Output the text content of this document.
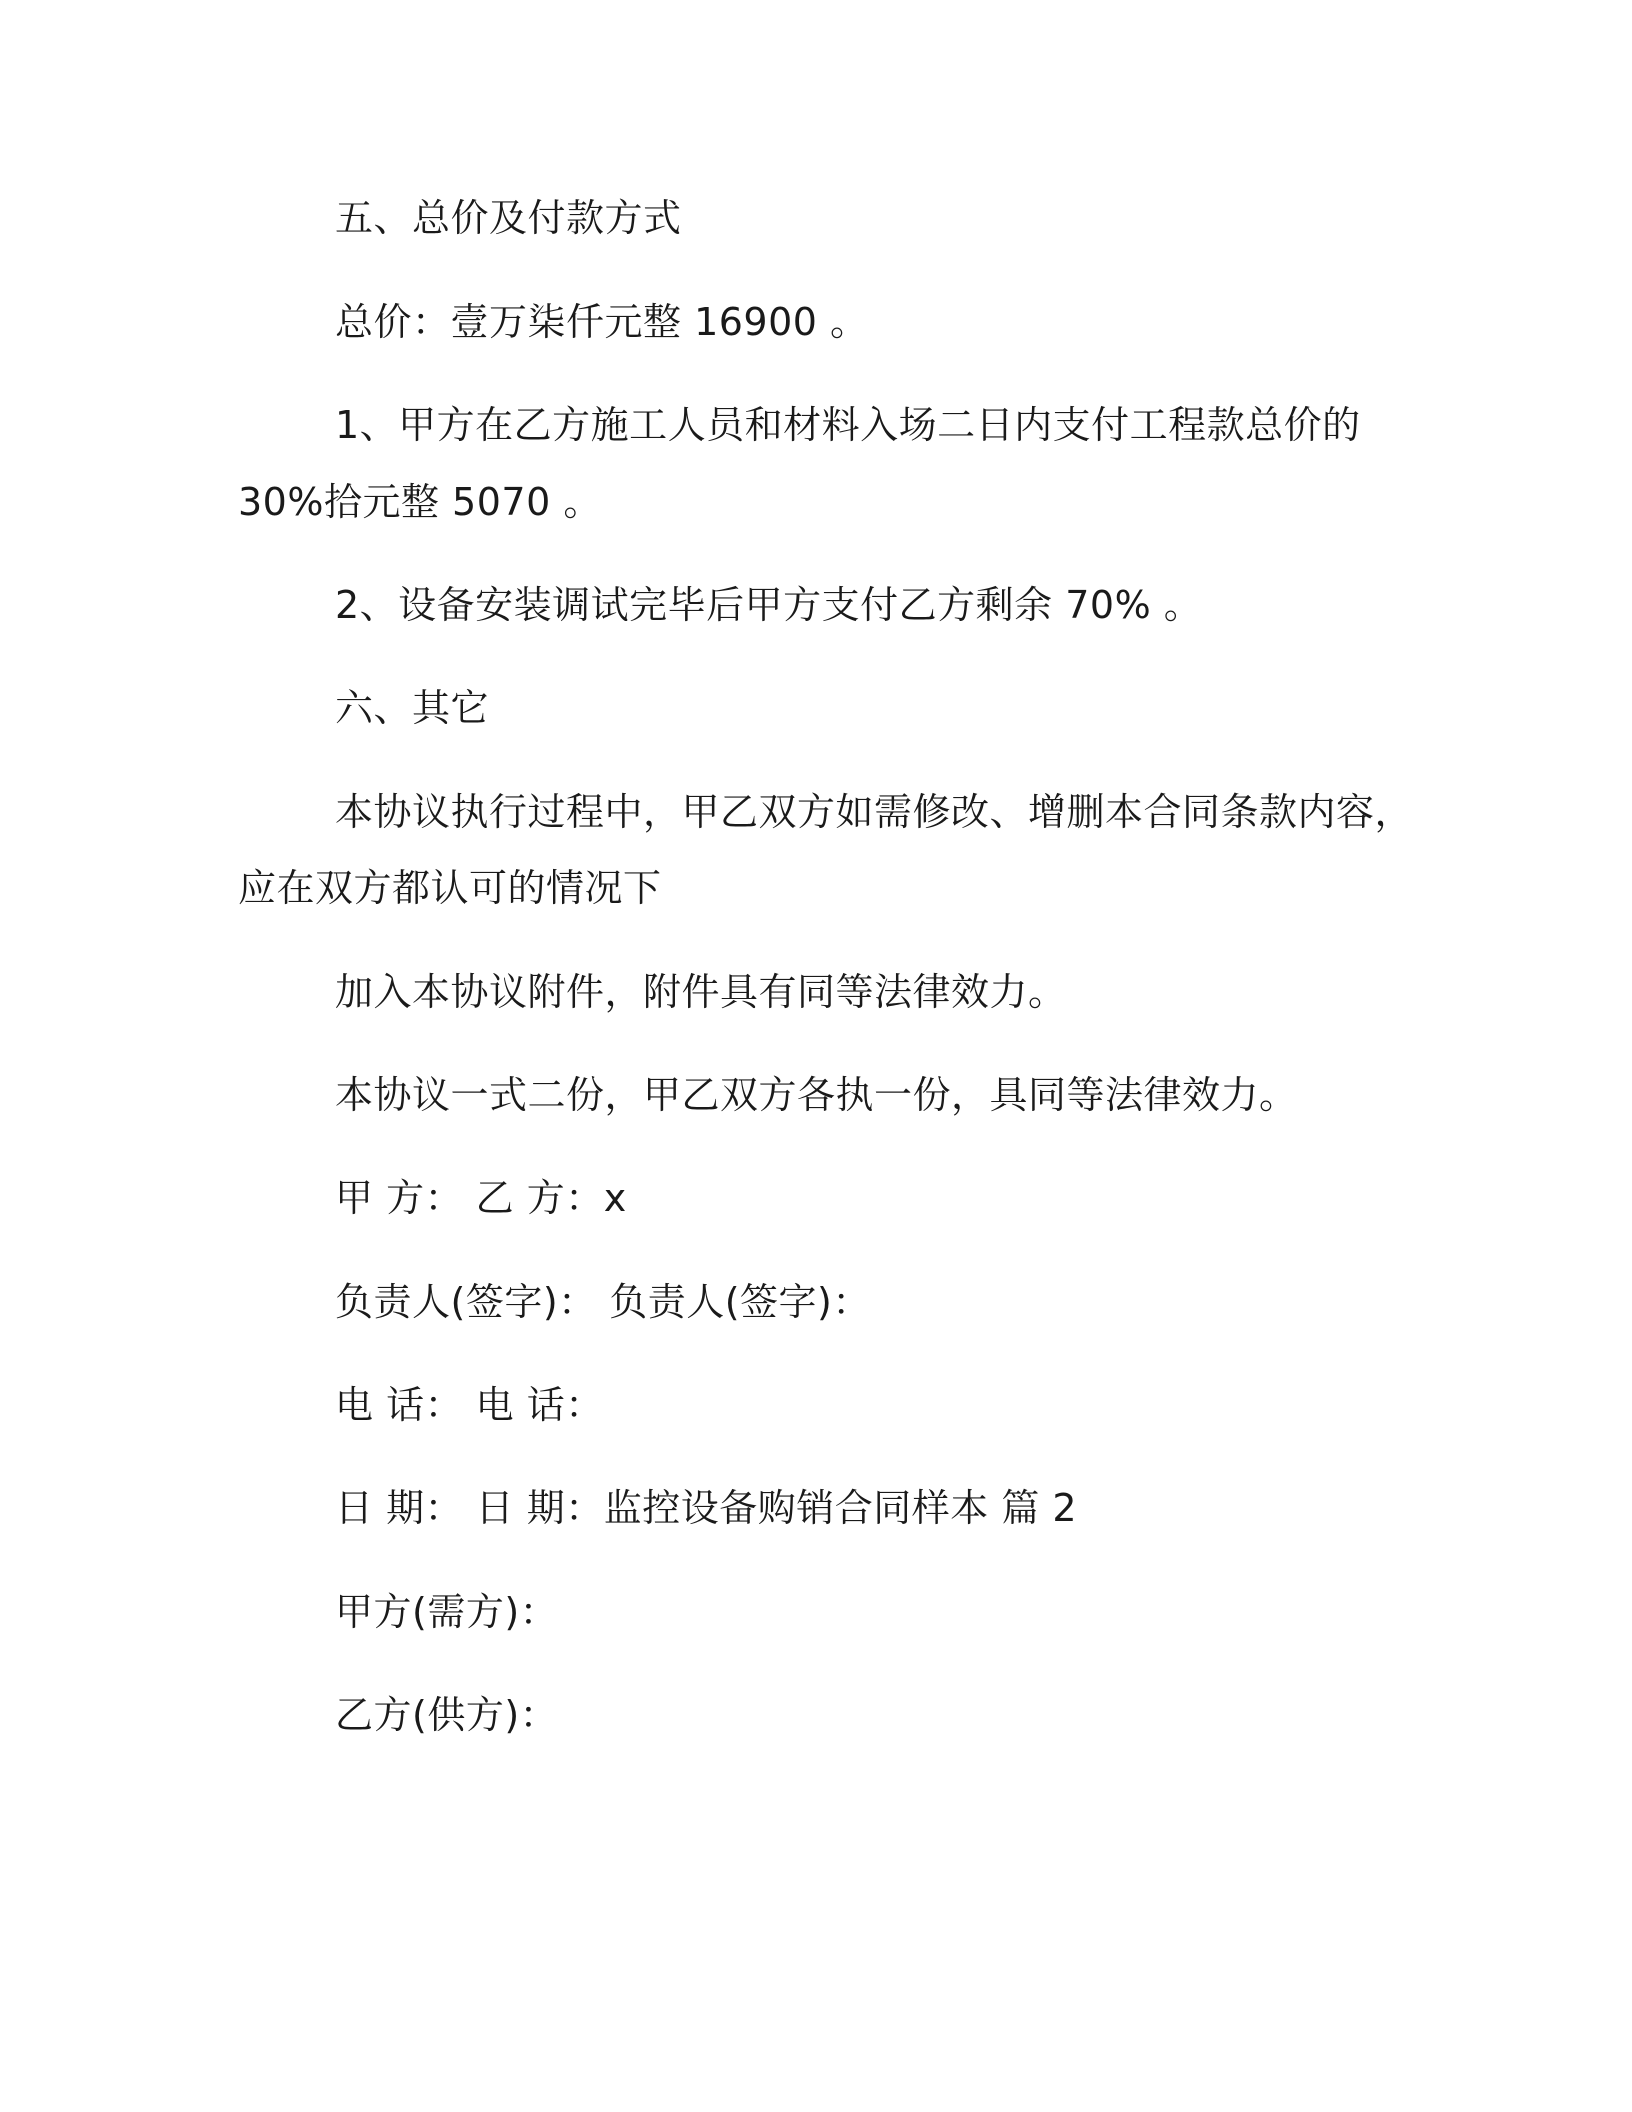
五、总价及付款方式
总价：壹万柒仟元整 16900 。
1、甲方在乙方施工人员和材料入场二日内支付工程款总价的
30%拾元整 5070 。
2、设备安装调试完毕后甲方支付乙方剩余 70% 。
六、其它
本协议执行过程中，甲乙双方如需修改、增删本合同条款内容，
应在双方都认可的情况下
加入本协议附件，附件具有同等法律效力。
本协议一式二份，甲乙双方各执一份，具同等法律效力。
甲 方： 乙 方：x
负责人(签字)： 负责人(签字)：
电 话： 电 话：
日 期： 日 期：监控设备购销合同样本 篇 2
甲方(需方)：
乙方(供方)：
